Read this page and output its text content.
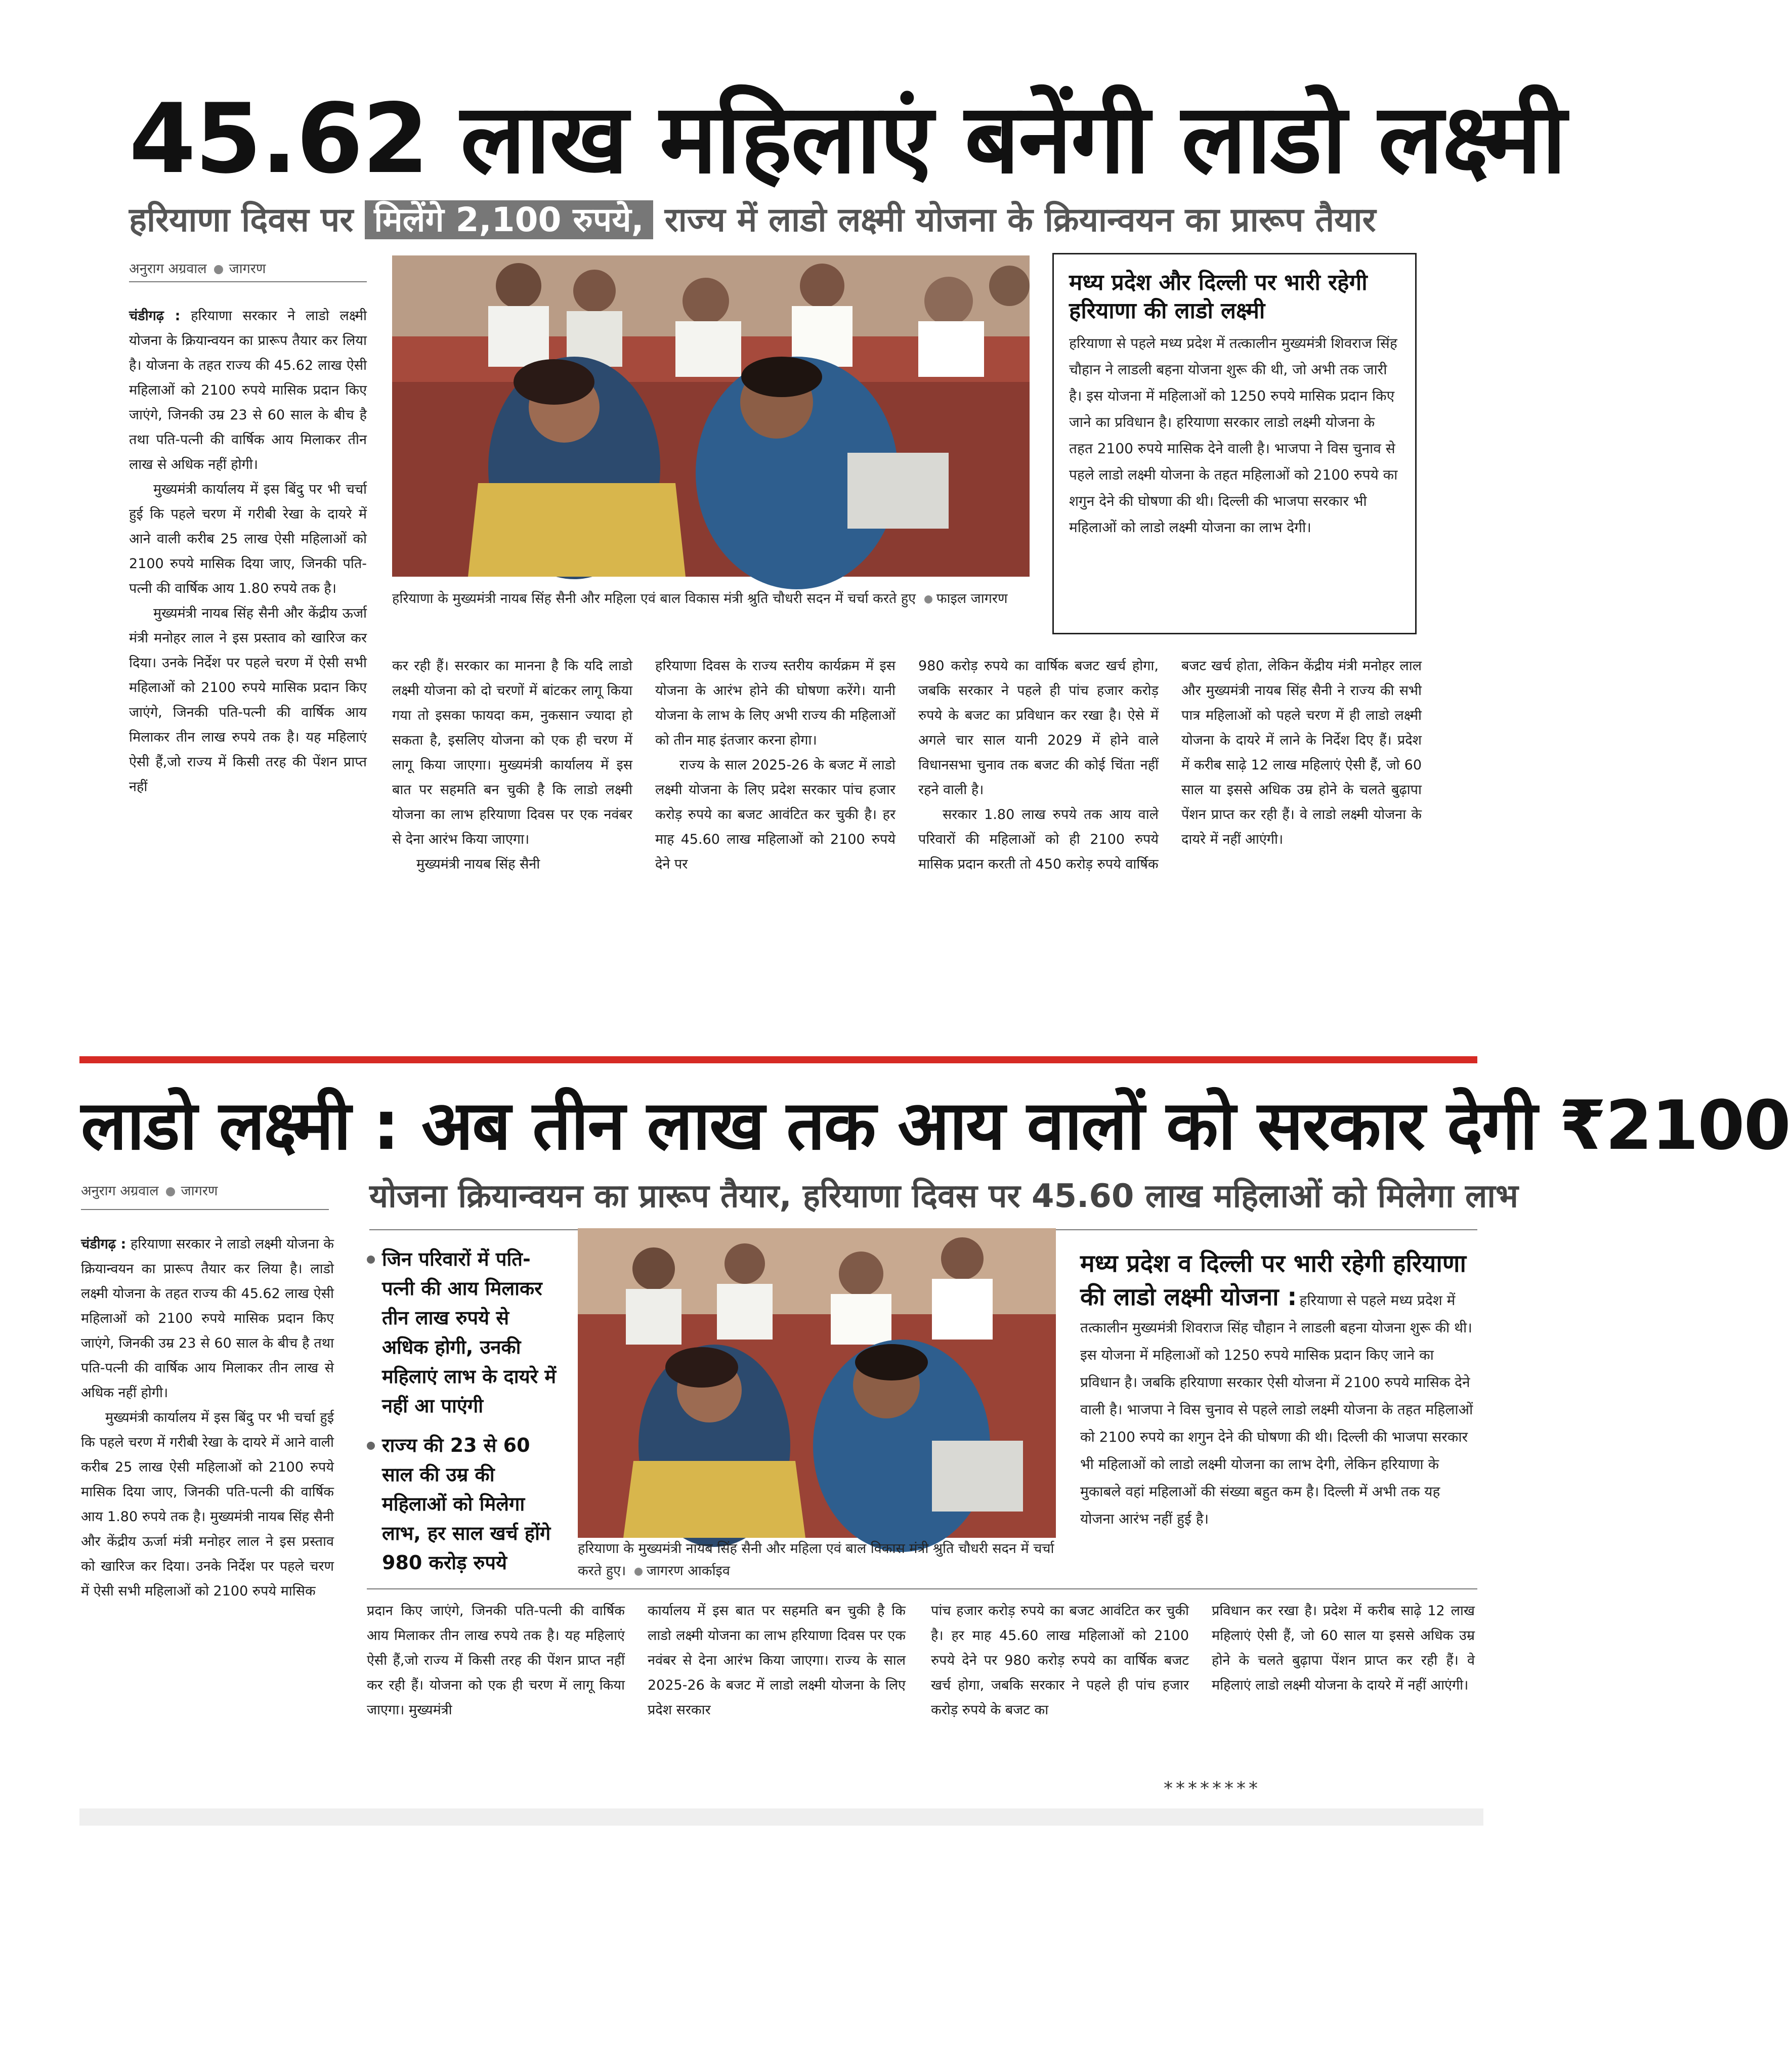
45.62 लाख महिलाएं बनेंगी लाडो लक्ष्मी
हरियाणा दिवस पर मिलेंगे 2,100 रुपये, राज्य में लाडो लक्ष्मी योजना के क्रियान्वयन का प्रारूप तैयार
अनुराग अग्रवाल जागरण

चंडीगढ़ : हरियाणा सरकार ने लाडो लक्ष्मी योजना के क्रियान्वयन का प्रारूप तैयार कर लिया है। योजना के तहत राज्य की 45.62 लाख ऐसी महिलाओं को 2100 रुपये मासिक प्रदान किए जाएंगे, जिनकी उम्र 23 से 60 साल के बीच है तथा पति-पत्नी की वार्षिक आय मिलाकर तीन लाख से अधिक नहीं होगी।

मुख्यमंत्री कार्यालय में इस बिंदु पर भी चर्चा हुई कि पहले चरण में गरीबी रेखा के दायरे में आने वाली करीब 25 लाख ऐसी महिलाओं को 2100 रुपये मासिक दिया जाए, जिनकी पति-पत्नी की वार्षिक आय 1.80 रुपये तक है।

मुख्यमंत्री नायब सिंह सैनी और केंद्रीय ऊर्जा मंत्री मनोहर लाल ने इस प्रस्ताव को खारिज कर दिया। उनके निर्देश पर पहले चरण में ऐसी सभी महिलाओं को 2100 रुपये मासिक प्रदान किए जाएंगे, जिनकी पति-पत्नी की वार्षिक आय मिलाकर तीन लाख रुपये तक है। यह महिलाएं ऐसी हैं,जो राज्य में किसी तरह की पेंशन प्राप्त नहीं

हरियाणा के मुख्यमंत्री नायब सिंह सैनी और महिला एवं बाल विकास मंत्री श्रुति चौधरी सदन में चर्चा करते हुए फाइल जागरण
मध्य प्रदेश और दिल्ली पर भारी रहेगी हरियाणा की लाडो लक्ष्मी
हरियाणा से पहले मध्य प्रदेश में तत्कालीन मुख्यमंत्री शिवराज सिंह चौहान ने लाडली बहना योजना शुरू की थी, जो अभी तक जारी है। इस योजना में महिलाओं को 1250 रुपये मासिक प्रदान किए जाने का प्रविधान है। हरियाणा सरकार लाडो लक्ष्मी योजना के तहत 2100 रुपये मासिक देने वाली है। भाजपा ने विस चुनाव से पहले लाडो लक्ष्मी योजना के तहत महिलाओं को 2100 रुपये का शगुन देने की घोषणा की थी। दिल्ली की भाजपा सरकार भी महिलाओं को लाडो लक्ष्मी योजना का लाभ देगी।

कर रही हैं। सरकार का मानना है कि यदि लाडो लक्ष्मी योजना को दो चरणों में बांटकर लागू किया गया तो इसका फायदा कम, नुकसान ज्यादा हो सकता है, इसलिए योजना को एक ही चरण में लागू किया जाएगा। मुख्यमंत्री कार्यालय में इस बात पर सहमति बन चुकी है कि लाडो लक्ष्मी योजना का लाभ हरियाणा दिवस पर एक नवंबर से देना आरंभ किया जाएगा।

मुख्यमंत्री नायब सिंह सैनी

हरियाणा दिवस के राज्य स्तरीय कार्यक्रम में इस योजना के आरंभ होने की घोषणा करेंगे। यानी योजना के लाभ के लिए अभी राज्य की महिलाओं को तीन माह इंतजार करना होगा।

राज्य के साल 2025-26 के बजट में लाडो लक्ष्मी योजना के लिए प्रदेश सरकार पांच हजार करोड़ रुपये का बजट आवंटित कर चुकी है। हर माह 45.60 लाख महिलाओं को 2100 रुपये देने पर

980 करोड़ रुपये का वार्षिक बजट खर्च होगा, जबकि सरकार ने पहले ही पांच हजार करोड़ रुपये के बजट का प्रविधान कर रखा है। ऐसे में अगले चार साल यानी 2029 में होने वाले विधानसभा चुनाव तक बजट की कोई चिंता नहीं रहने वाली है।

सरकार 1.80 लाख रुपये तक आय वाले परिवारों की महिलाओं को ही 2100 रुपये मासिक प्रदान करती तो 450 करोड़ रुपये वार्षिक

बजट खर्च होता, लेकिन केंद्रीय मंत्री मनोहर लाल और मुख्यमंत्री नायब सिंह सैनी ने राज्य की सभी पात्र महिलाओं को पहले चरण में ही लाडो लक्ष्मी योजना के दायरे में लाने के निर्देश दिए हैं। प्रदेश में करीब साढ़े 12 लाख महिलाएं ऐसी हैं, जो 60 साल या इससे अधिक उम्र होने के चलते बुढ़ापा पेंशन प्राप्त कर रही हैं। वे लाडो लक्ष्मी योजना के दायरे में नहीं आएंगी।

लाडो लक्ष्मी : अब तीन लाख तक आय वालों को सरकार देगी ₹2100
अनुराग अग्रवाल जागरण	योजना क्रियान्वयन का प्रारूप तैयार, हरियाणा दिवस पर 45.60 लाख महिलाओं को मिलेगा लाभ

चंडीगढ़ : हरियाणा सरकार ने लाडो लक्ष्मी योजना के क्रियान्वयन का प्रारूप तैयार कर लिया है। लाडो लक्ष्मी योजना के तहत राज्य की 45.62 लाख ऐसी महिलाओं को 2100 रुपये मासिक प्रदान किए जाएंगे, जिनकी उम्र 23 से 60 साल के बीच है तथा पति-पत्नी की वार्षिक आय मिलाकर तीन लाख से अधिक नहीं होगी।

मुख्यमंत्री कार्यालय में इस बिंदु पर भी चर्चा हुई कि पहले चरण में गरीबी रेखा के दायरे में आने वाली करीब 25 लाख ऐसी महिलाओं को 2100 रुपये मासिक दिया जाए, जिनकी पति-पत्नी की वार्षिक आय 1.80 रुपये तक है। मुख्यमंत्री नायब सिंह सैनी और केंद्रीय ऊर्जा मंत्री मनोहर लाल ने इस प्रस्ताव को खारिज कर दिया। उनके निर्देश पर पहले चरण में ऐसी सभी महिलाओं को 2100 रुपये मासिक

जिन परिवारों में पति-पत्नी की आय मिलाकर तीन लाख रुपये से अधिक होगी, उनकी महिलाएं लाभ के दायरे में नहीं आ पाएंगी
राज्य की 23 से 60 साल की उम्र की महिलाओं को मिलेगा लाभ, हर साल खर्च होंगे 980 करोड़ रुपये
हरियाणा के मुख्यमंत्री नायब सिंह सैनी और महिला एवं बाल विकास मंत्री श्रुति चौधरी सदन में चर्चा करते हुए। जागरण आर्काइव
मध्य प्रदेश व दिल्ली पर भारी रहेगी हरियाणा की लाडो लक्ष्मी योजना : हरियाणा से पहले मध्य प्रदेश में तत्कालीन मुख्यमंत्री शिवराज सिंह चौहान ने लाडली बहना योजना शुरू की थी। इस योजना में महिलाओं को 1250 रुपये मासिक प्रदान किए जाने का प्रविधान है। जबकि हरियाणा सरकार ऐसी योजना में 2100 रुपये मासिक देने वाली है। भाजपा ने विस चुनाव से पहले लाडो लक्ष्मी योजना के तहत महिलाओं को 2100 रुपये का शगुन देने की घोषणा की थी। दिल्ली की भाजपा सरकार भी महिलाओं को लाडो लक्ष्मी योजना का लाभ देगी, लेकिन हरियाणा के मुकाबले वहां महिलाओं की संख्या बहुत कम है। दिल्ली में अभी तक यह योजना आरंभ नहीं हुई है।

प्रदान किए जाएंगे, जिनकी पति-पत्नी की वार्षिक आय मिलाकर तीन लाख रुपये तक है। यह महिलाएं ऐसी हैं,जो राज्य में किसी तरह की पेंशन प्राप्त नहीं कर रही हैं। योजना को एक ही चरण में लागू किया जाएगा। मुख्यमंत्री

कार्यालय में इस बात पर सहमति बन चुकी है कि लाडो लक्ष्मी योजना का लाभ हरियाणा दिवस पर एक नवंबर से देना आरंभ किया जाएगा। राज्य के साल 2025-26 के बजट में लाडो लक्ष्मी योजना के लिए प्रदेश सरकार

पांच हजार करोड़ रुपये का बजट आवंटित कर चुकी है। हर माह 45.60 लाख महिलाओं को 2100 रुपये देने पर 980 करोड़ रुपये का वार्षिक बजट खर्च होगा, जबकि सरकार ने पहले ही पांच हजार करोड़ रुपये के बजट का

प्रविधान कर रखा है। प्रदेश में करीब साढ़े 12 लाख महिलाएं ऐसी हैं, जो 60 साल या इससे अधिक उम्र होने के चलते बुढ़ापा पेंशन प्राप्त कर रही हैं। वे महिलाएं लाडो लक्ष्मी योजना के दायरे में नहीं आएंगी।

********
